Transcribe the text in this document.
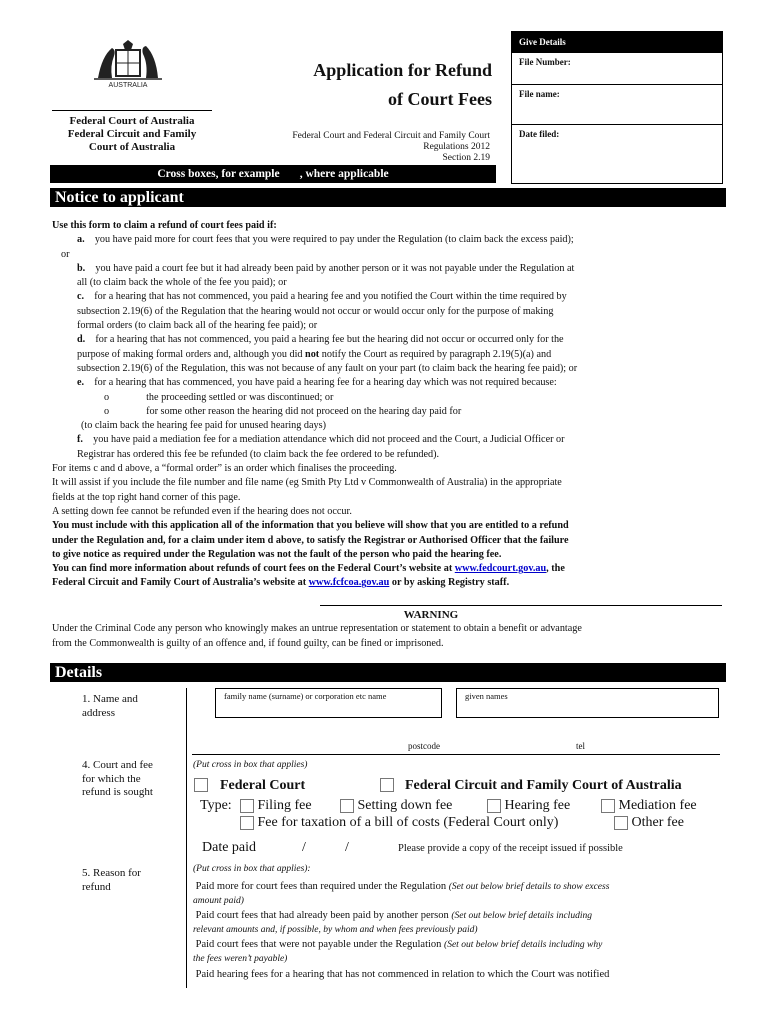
AUSTRALIA
Federal Court of Australia
Federal Circuit and Family
Court of Australia
Application for Refund
of Court Fees
Federal Court and Federal Circuit and Family Court
Regulations 2012
Section 2.19
Give Details
File Number:
File name:
Date filed:
Cross boxes, for example       , where applicable
Notice to applicant

Use this form to claim a refund of court fees paid if:

a. you have paid more for court fees that you were required to pay under the Regulation (to claim back the excess paid);

or

b. you have paid a court fee but it had already been paid by another person or it was not payable under the Regulation at

all (to claim back the whole of the fee you paid); or

c. for a hearing that has not commenced, you paid a hearing fee and you notified the Court within the time required by

subsection 2.19(6) of the Regulation that the hearing would not occur or would occur only for the purpose of making

formal orders (to claim back all of the hearing fee paid); or

d. for a hearing that has not commenced, you paid a hearing fee but the hearing did not occur or occurred only for the

purpose of making formal orders and, although you did not notify the Court as required by paragraph 2.19(5)(a) and

subsection 2.19(6) of the Regulation, this was not because of any fault on your part (to claim back the hearing fee paid); or

e. for a hearing that has commenced, you have paid a hearing fee for a hearing day which was not required because:

o	the proceeding settled or was discontinued; or

o	for some other reason the hearing did not proceed on the hearing day paid for

(to claim back the hearing fee paid for unused hearing days)

f. you have paid a mediation fee for a mediation attendance which did not proceed and the Court, a Judicial Officer or

Registrar has ordered this fee be refunded (to claim back the fee ordered to be refunded).

For items c and d above, a “formal order” is an order which finalises the proceeding.

It will assist if you include the file number and file name (eg Smith Pty Ltd v Commonwealth of Australia) in the appropriate

fields at the top right hand corner of this page.

A setting down fee cannot be refunded even if the hearing does not occur.

You must include with this application all of the information that you believe will show that you are entitled to a refund

under the Regulation and, for a claim under item d above, to satisfy the Registrar or Authorised Officer that the failure

to give notice as required under the Regulation was not the fault of the person who paid the hearing fee.

You can find more information about refunds of court fees on the Federal Court’s website at www.fedcourt.gov.au, the

Federal Circuit and Family Court of Australia’s website at www.fcfcoa.gov.au or by asking Registry staff.

WARNING
Under the Criminal Code any person who knowingly makes an untrue representation or statement to obtain a benefit or advantage
from the Commonwealth is guilty of an offence and, if found guilty, can be fined or imprisoned.
Details
1. Name and
address
family name (surname) or corporation etc name	given names
postcode	tel
4. Court and fee
for which the
refund is sought
(Put cross in box that applies)
Federal Court	Federal Circuit and Family Court of Australia
Type:	Filing fee	Setting down fee	Hearing fee	Mediation fee
Fee for taxation of a bill of costs (Federal Court only)	Other fee
Date paid	/	/	Please provide a copy of the receipt issued if possible
5. Reason for
refund
(Put cross in box that applies):
Paid more for court fees than required under the Regulation (Set out below brief details to show excess
amount paid)
Paid court fees that had already been paid by another person (Set out below brief details including
relevant amounts and, if possible, by whom and when fees previously paid)
Paid court fees that were not payable under the Regulation (Set out below brief details including why
the fees weren’t payable)
Paid hearing fees for a hearing that has not commenced in relation to which the Court was notified
